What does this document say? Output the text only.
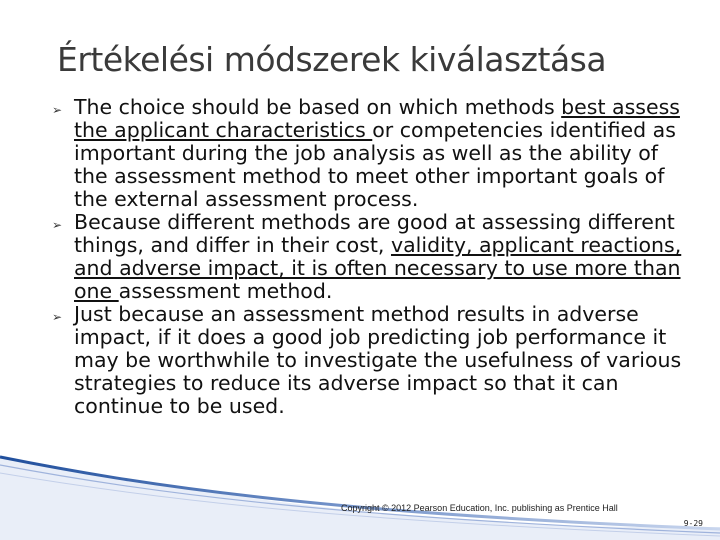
Értékelési módszerek kiválasztása
➢ The choice should be based on which methods best assess the applicant characteristics or competencies identified as important during the job analysis as well as the ability of the assessment method to meet other important goals of the external assessment process.
➢ Because different methods are good at assessing different things, and differ in their cost, validity, applicant reactions, and adverse impact, it is often necessary to use more than one assessment method.
➢ Just because an assessment method results in adverse impact, if it does a good job predicting job performance it may be worthwhile to investigate the usefulness of various strategies to reduce its adverse impact so that it can continue to be used.
Copyright © 2012 Pearson Education, Inc. publishing as Prentice Hall
9-29
